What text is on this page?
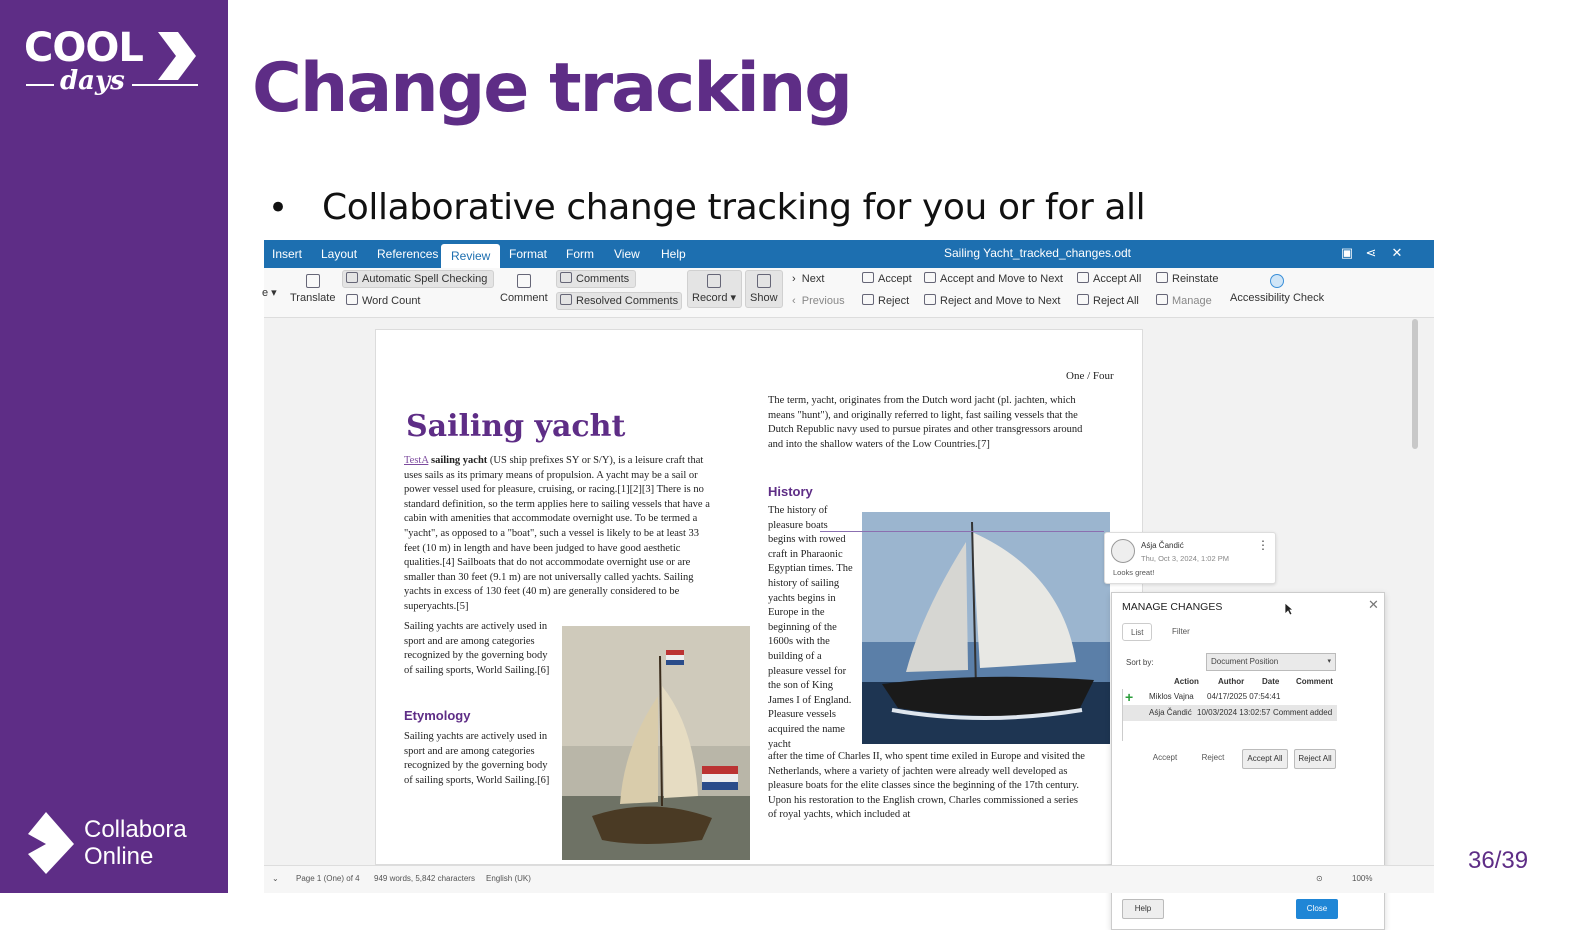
COOL
days
Collabora
Online
Change tracking
• Collaborative change tracking for you or for all
36/39
Insert Layout References	Review	Format Form View Help	Sailing Yacht_tracked_changes.odt	▣ ⋖ ✕
e ▾ Translate
Automatic Spell Checking
Word Count	Comment
Comments
Resolved Comments Record ▾ Show
›  Next
‹  Previous
Accept
Reject
Accept and Move to Next
Reject and Move to Next
Accept All
Reject All
Reinstate
Manage Accessibility Check
One / Four
Sailing yacht
TestA sailing yacht (US ship prefixes SY or S/Y), is a leisure craft that uses sails as its primary means of propulsion. A yacht may be a sail or power vessel used for pleasure, cruising, or racing.[1][2][3] There is no standard definition, so the term applies here to sailing vessels that have a cabin with amenities that accommodate overnight use. To be termed a "yacht", as opposed to a "boat", such a vessel is likely to be at least 33 feet (10 m) in length and have been judged to have good aesthetic qualities.[4] Sailboats that do not accommodate overnight use or are smaller than 30 feet (9.1 m) are not universally called yachts. Sailing yachts in excess of 130 feet (40 m) are generally considered to be superyachts.[5]
Sailing yachts are actively used in sport and are among categories recognized by the governing body of sailing sports, World Sailing.[6]
Etymology
Sailing yachts are actively used in sport and are among categories recognized by the governing body of sailing sports, World Sailing.[6]
The term, yacht, originates from the Dutch word jacht (pl. jachten, which means "hunt"), and originally referred to light, fast sailing vessels that the Dutch Republic navy used to pursue pirates and other transgressors around and into the shallow waters of the Low Countries.[7]
History
The history of pleasure boats begins with rowed craft in Pharaonic Egyptian times. The history of sailing yachts begins in Europe in the beginning of the 1600s with the building of a pleasure vessel for the son of King James I of England. Pleasure vessels acquired the name yacht
after the time of Charles II, who spent time exiled in Europe and visited the Netherlands, where a variety of jachten were already well developed as pleasure boats for the elite classes since the beginning of the 17th century. Upon his restoration to the English crown, Charles commissioned a series of royal yachts, which included at
Aśja Čandić
Thu, Oct 3, 2024, 1:02 PM
Looks great!
⋮
MANAGE CHANGES	✕
List	Filter
Sort by:	Document Position	▾
Action Author Date Comment
+ Miklos Vajna 04/17/2025 07:54:41
Aśja Čandić 10/03/2024 13:02:57 Comment added
Accept	Reject	Accept All	Reject All
Help	Close
⌄ Page 1 (One) of 4 949 words, 5,842 characters English (UK)	⊙	100%
